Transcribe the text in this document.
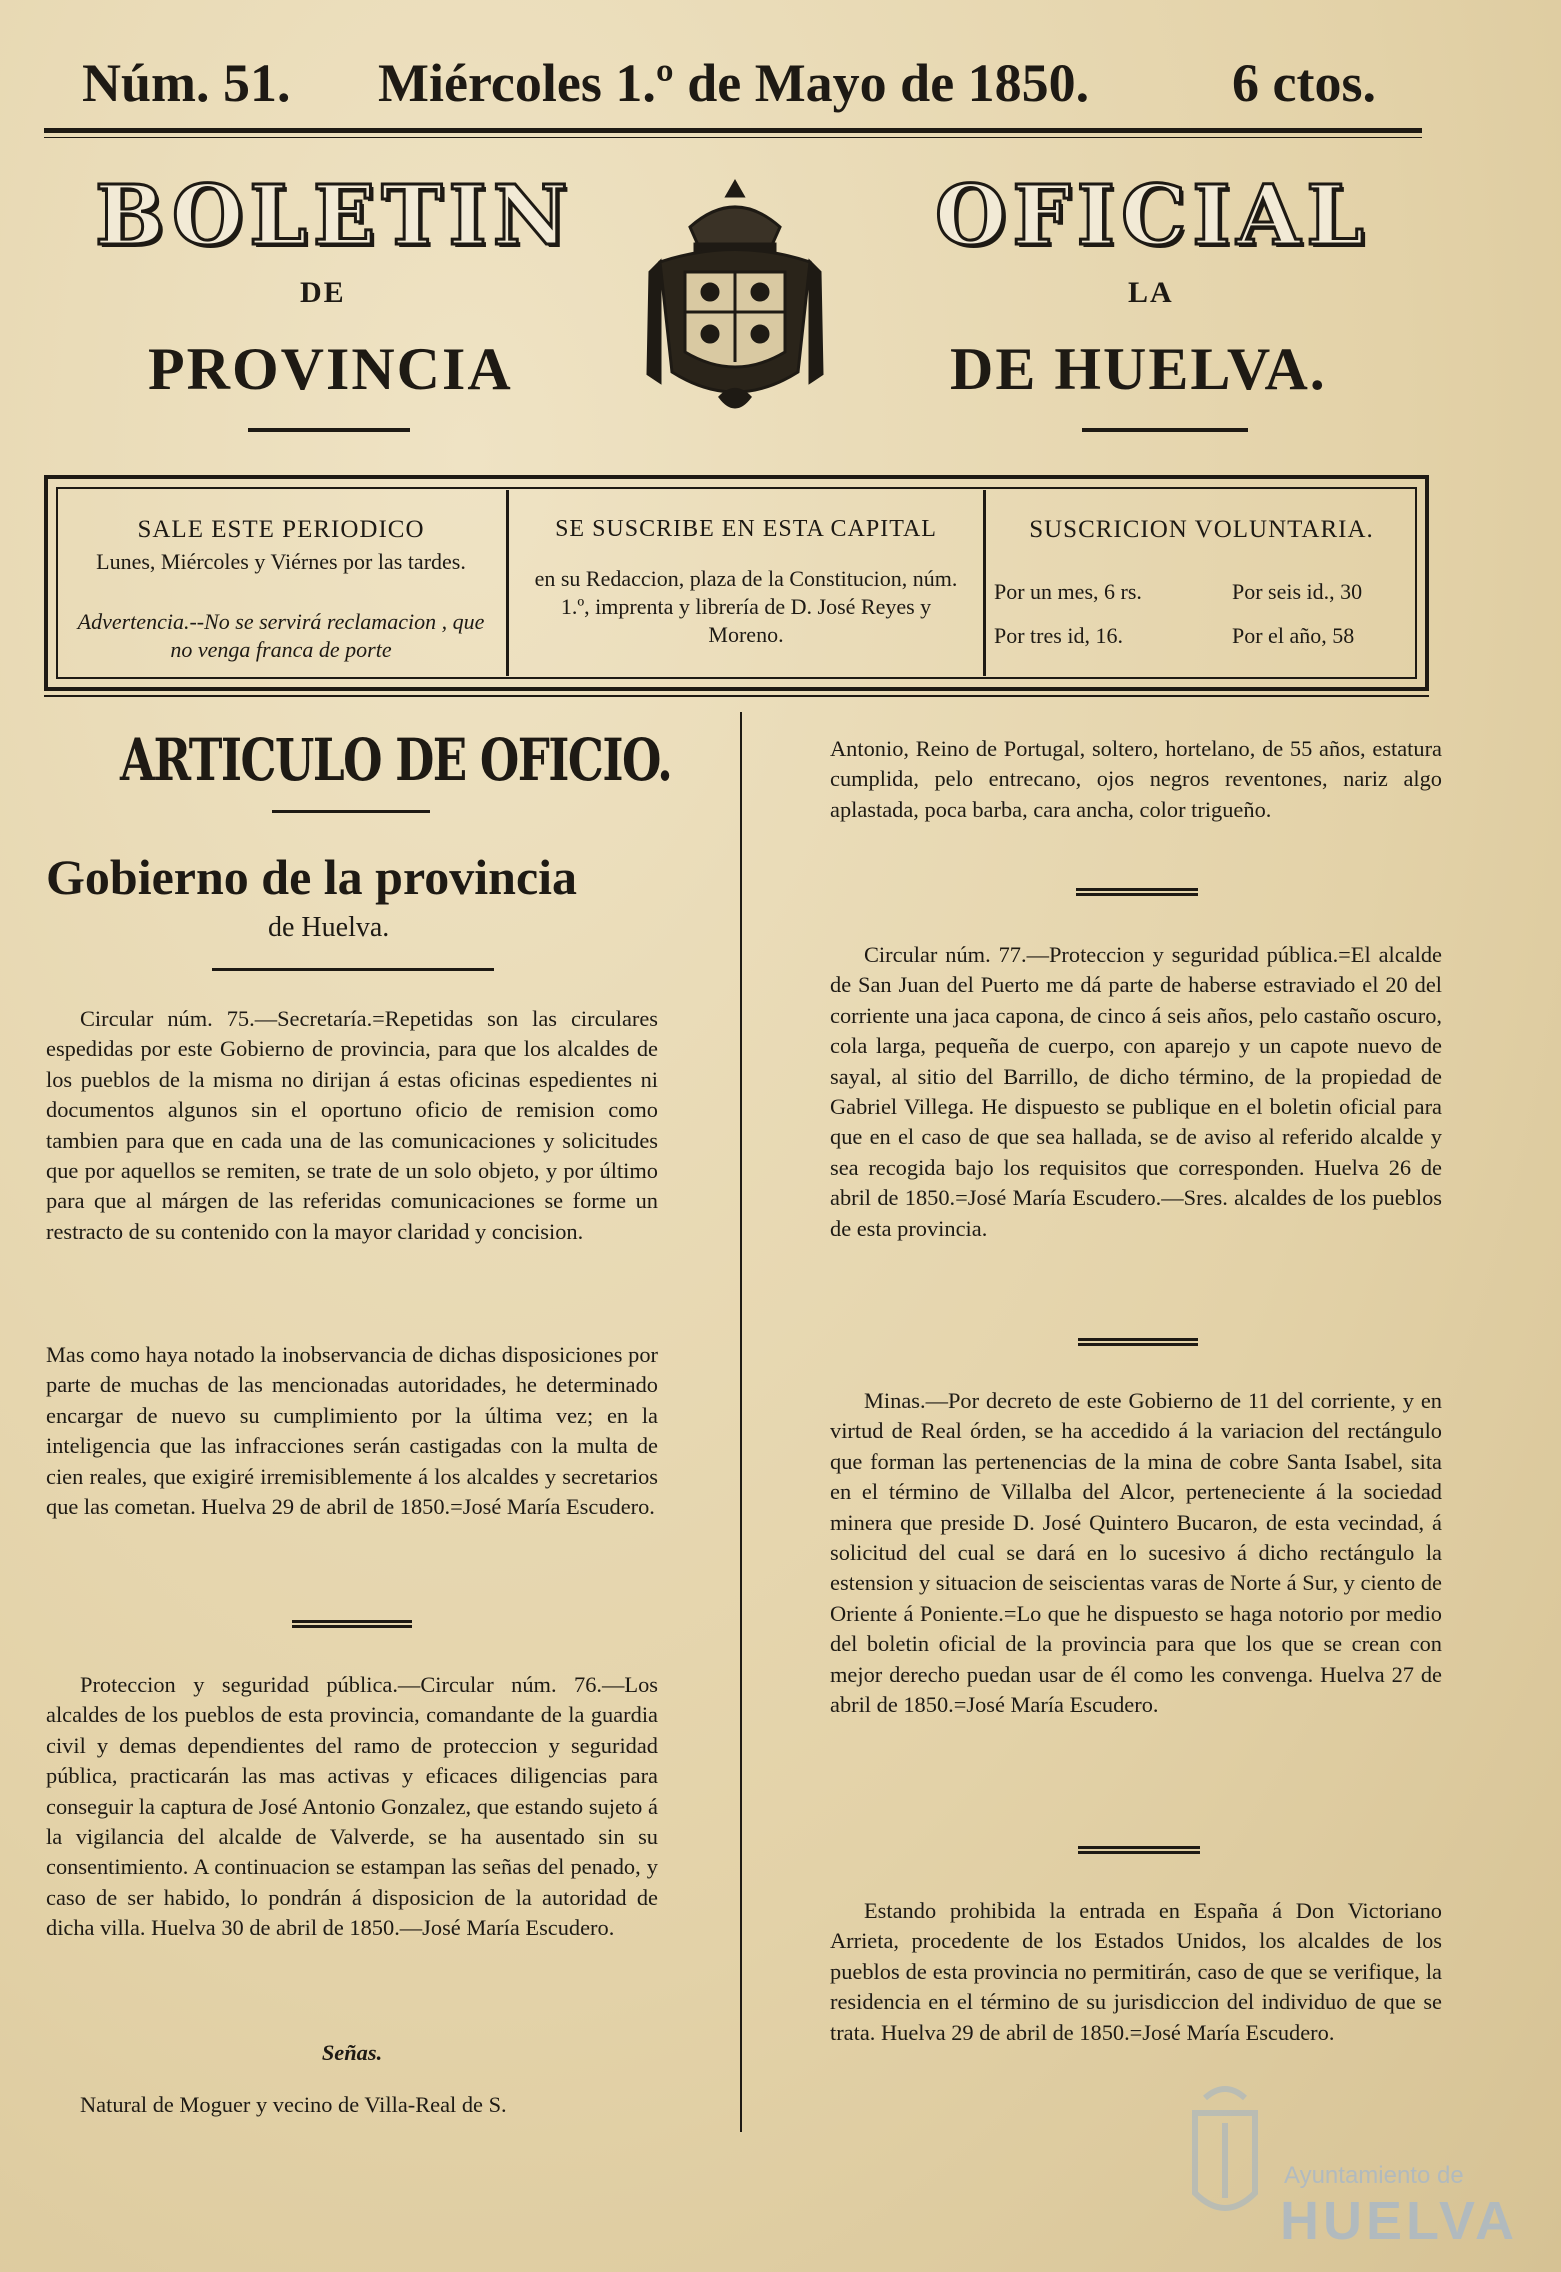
Núm. 51. Miércoles 1.º de Mayo de 1850.	6 ctos.
BOLETIN	OFICIAL
DE	LA
PROVINCIA	DE HUELVA.
SALE ESTE PERIODICO
Lunes, Miércoles y Viérnes por las tardes.
Advertencia.--No se servirá reclamacion , que no venga franca de porte
SE SUSCRIBE EN ESTA CAPITAL
en su Redaccion, plaza de la Constitucion, núm. 1.º, imprenta y librería de D. José Reyes y Moreno.
SUSCRICION VOLUNTARIA.
Por un mes, 6 rs.	Por seis id., 30
Por tres id, 16.	Por el año, 58
ARTICULO DE OFICIO.
Gobierno de la provincia
de Huelva.

Circular núm. 75.—Secretaría.=Repetidas son las circulares espedidas por este Gobierno de provincia, para que los alcaldes de los pueblos de la misma no dirijan á estas oficinas espedientes ni documentos algunos sin el oportuno oficio de remision como tambien para que en cada una de las comunicaciones y solicitudes que por aquellos se remiten, se trate de un solo objeto, y por último para que al márgen de las referidas comunicaciones se forme un restracto de su contenido con la mayor claridad y concision.

Mas como haya notado la inobservancia de dichas disposiciones por parte de muchas de las mencionadas autoridades, he determinado encargar de nuevo su cumplimiento por la última vez; en la inteligencia que las infracciones serán castigadas con la multa de cien reales, que exigiré irremisiblemente á los alcaldes y secretarios que las cometan. Huelva 29 de abril de 1850.=José María Escudero.

Proteccion y seguridad pública.—Circular núm. 76.—Los alcaldes de los pueblos de esta provincia, comandante de la guardia civil y demas dependientes del ramo de proteccion y seguridad pública, practicarán las mas activas y eficaces diligencias para conseguir la captura de José Antonio Gonzalez, que estando sujeto á la vigilancia del alcalde de Valverde, se ha ausentado sin su consentimiento. A continuacion se estampan las señas del penado, y caso de ser habido, lo pondrán á disposicion de la autoridad de dicha villa. Huelva 30 de abril de 1850.—José María Escudero.

Señas.

Natural de Moguer y vecino de Villa-Real de S.

Antonio, Reino de Portugal, soltero, hortelano, de 55 años, estatura cumplida, pelo entrecano, ojos negros reventones, nariz algo aplastada, poca barba, cara ancha, color trigueño.

Circular núm. 77.—Proteccion y seguridad pública.=El alcalde de San Juan del Puerto me dá parte de haberse estraviado el 20 del corriente una jaca capona, de cinco á seis años, pelo castaño oscuro, cola larga, pequeña de cuerpo, con aparejo y un capote nuevo de sayal, al sitio del Barrillo, de dicho término, de la propiedad de Gabriel Villega. He dispuesto se publique en el boletin oficial para que en el caso de que sea hallada, se de aviso al referido alcalde y sea recogida bajo los requisitos que corresponden. Huelva 26 de abril de 1850.=José María Escudero.—Sres. alcaldes de los pueblos de esta provincia.

Minas.—Por decreto de este Gobierno de 11 del corriente, y en virtud de Real órden, se ha accedido á la variacion del rectángulo que forman las pertenencias de la mina de cobre Santa Isabel, sita en el término de Villalba del Alcor, perteneciente á la sociedad minera que preside D. José Quintero Bucaron, de esta vecindad, á solicitud del cual se dará en lo sucesivo á dicho rectángulo la estension y situacion de seiscientas varas de Norte á Sur, y ciento de Oriente á Poniente.=Lo que he dispuesto se haga notorio por medio del boletin oficial de la provincia para que los que se crean con mejor derecho puedan usar de él como les convenga. Huelva 27 de abril de 1850.=José María Escudero.

Estando prohibida la entrada en España á Don Victoriano Arrieta, procedente de los Estados Unidos, los alcaldes de los pueblos de esta provincia no permitirán, caso de que se verifique, la residencia en el término de su jurisdiccion del individuo de que se trata. Huelva 29 de abril de 1850.=José María Escudero.

Ayuntamiento de
HUELVA
